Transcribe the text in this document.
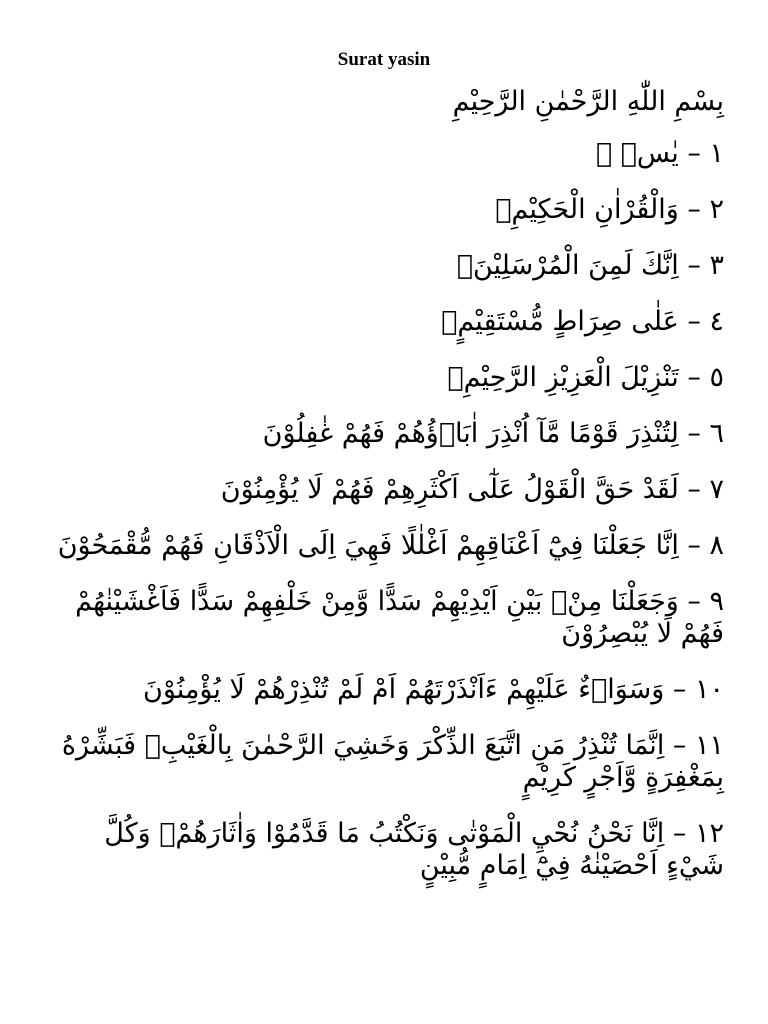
Surat yasin
بِسْمِ اللّٰهِ الرَّحْمٰنِ الرَّحِيْمِ
١ – يٰسۤ ۚ
٢ – وَالْقُرْاٰنِ الْحَكِيْمِۙ
٣ – اِنَّكَ لَمِنَ الْمُرْسَلِيْنَۙ
٤ – عَلٰى صِرَاطٍ مُّسْتَقِيْمٍۗ
٥ – تَنْزِيْلَ الْعَزِيْزِ الرَّحِيْمِۙ
٦ – لِتُنْذِرَ قَوْمًا مَّآ اُنْذِرَ اٰبَاۤؤُهُمْ فَهُمْ غٰفِلُوْنَ
٧ – لَقَدْ حَقَّ الْقَوْلُ عَلٰٓى اَكْثَرِهِمْ فَهُمْ لَا يُؤْمِنُوْنَ
٨ – اِنَّا جَعَلْنَا فِيْٓ اَعْنَاقِهِمْ اَغْلٰلًا فَهِيَ اِلَى الْاَذْقَانِ فَهُمْ مُّقْمَحُوْنَ
٩ – وَجَعَلْنَا مِنْۢ بَيْنِ اَيْدِيْهِمْ سَدًّا وَّمِنْ خَلْفِهِمْ سَدًّا فَاَغْشَيْنٰهُمْ فَهُمْ لَا يُبْصِرُوْنَ
١٠ – وَسَوَاۤءٌ عَلَيْهِمْ ءَاَنْذَرْتَهُمْ اَمْ لَمْ تُنْذِرْهُمْ لَا يُؤْمِنُوْنَ
١١ – اِنَّمَا تُنْذِرُ مَنِ اتَّبَعَ الذِّكْرَ وَخَشِيَ الرَّحْمٰنَ بِالْغَيْبِۚ فَبَشِّرْهُ بِمَغْفِرَةٍ وَّاَجْرٍ كَرِيْمٍ
١٢ – اِنَّا نَحْنُ نُحْيِ الْمَوْتٰى وَنَكْتُبُ مَا قَدَّمُوْا وَاٰثَارَهُمْۗ وَكُلَّ شَيْءٍ اَحْصَيْنٰهُ فِيْٓ اِمَامٍ مُّبِيْنٍ
